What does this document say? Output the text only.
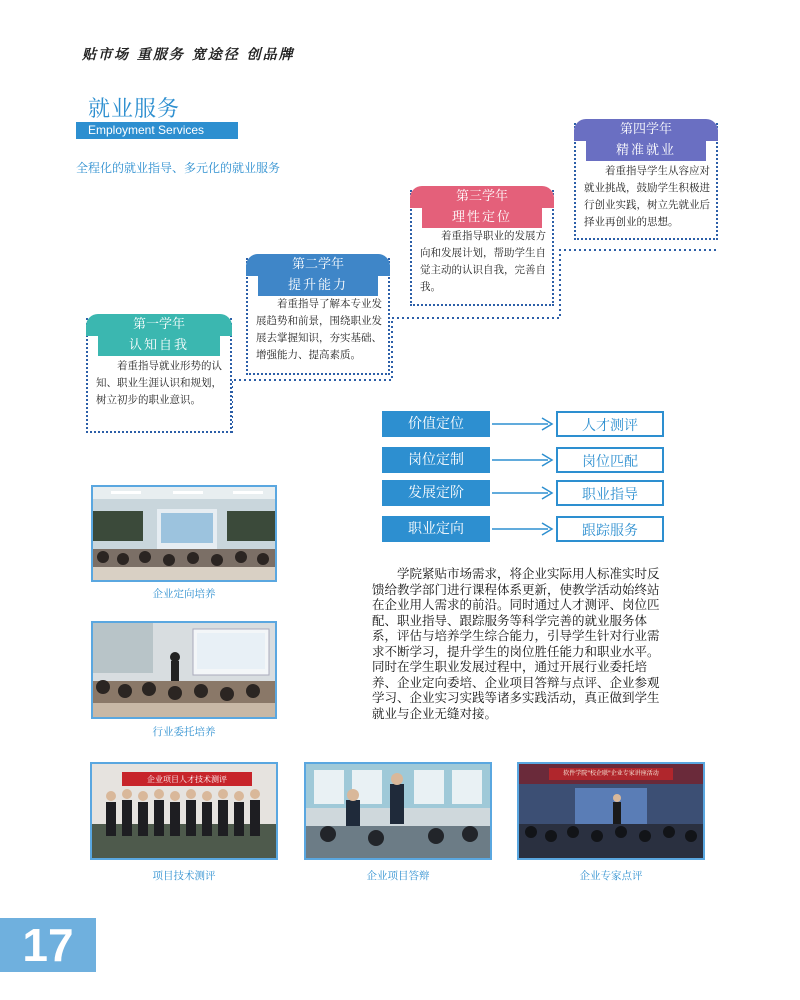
贴市场 重服务 宽途径 创品牌
就业服务
Employment Services
全程化的就业指导、多元化的就业服务
第一学年
认知自我
着重指导就业形势的认知、职业生涯认识和规划，树立初步的职业意识。
第二学年
提升能力
着重指导了解本专业发展趋势和前景，围绕职业发展去掌握知识，夯实基础、增强能力、提高素质。
第三学年
理性定位
着重指导职业的发展方向和发展计划，帮助学生自觉主动的认识自我，完善自我。
第四学年
精准就业
着重指导学生从容应对就业挑战，鼓励学生积极进行创业实践，树立先就业后择业再创业的思想。
价值定位	人才测评
岗位定制	岗位匹配
发展定阶	职业指导
职业定向	跟踪服务
学院紧贴市场需求，将企业实际用人标准实时反馈给教学部门进行课程体系更新，使教学活动始终站在企业用人需求的前沿。同时通过人才测评、岗位匹配、职业指导、跟踪服务等科学完善的就业服务体系，评估与培养学生综合能力，引导学生针对行业需求不断学习，提升学生的岗位胜任能力和职业水平。同时在学生职业发展过程中，通过开展行业委托培养、企业定向委培、企业项目答辩与点评、企业参观学习、企业实习实践等诸多实践活动，真正做到学生就业与企业无缝对接。
企业定向培养
行业委托培养
企业项目人才技术测评
项目技术测评	企业项目答辩
软件学院"校企联"企业专家讲座活动
企业专家点评
17
